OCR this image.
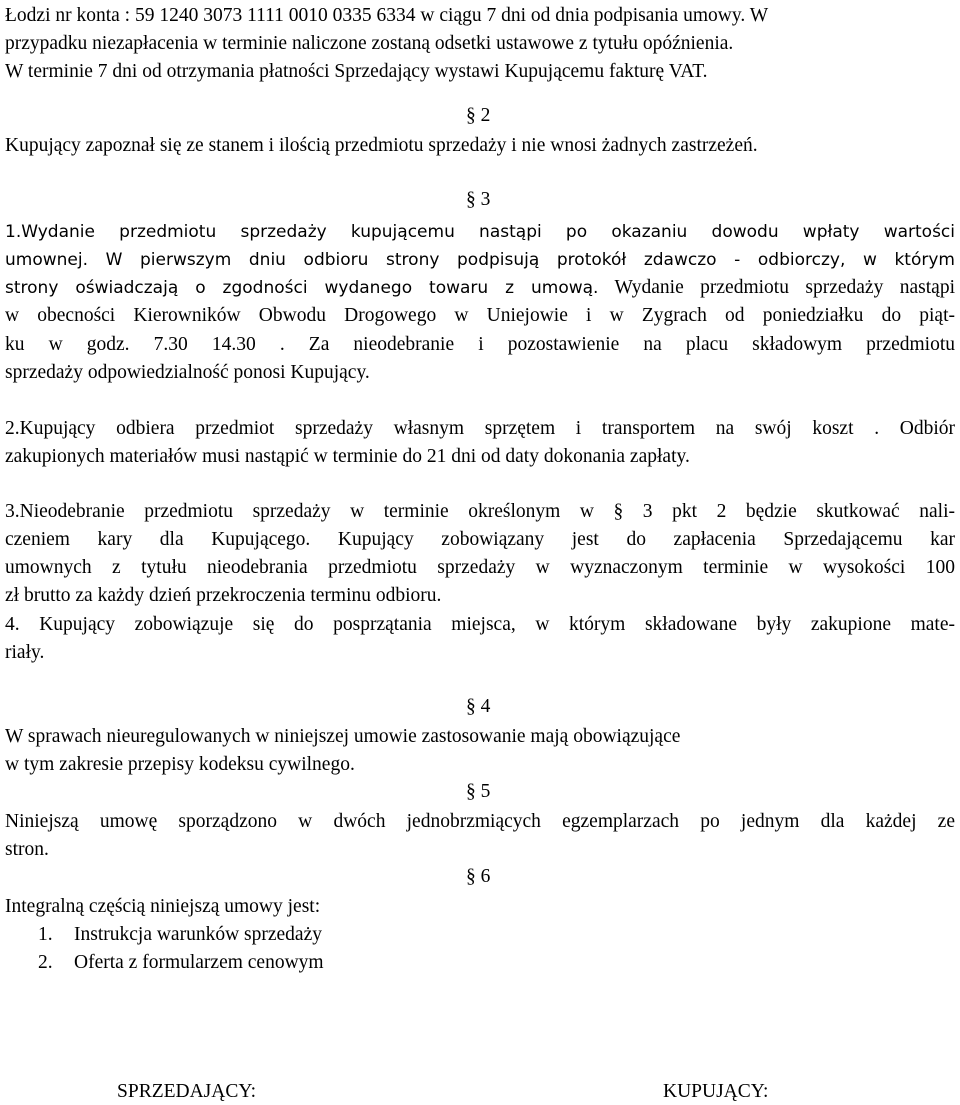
Łodzi nr konta : 59 1240 3073 1111 0010 0335 6334 w ciągu 7 dni od dnia podpisania umowy. W
przypadku niezapłacenia w terminie naliczone zostaną odsetki ustawowe z tytułu opóźnienia.
W terminie 7 dni od otrzymania płatności Sprzedający wystawi Kupującemu fakturę VAT.
§ 2
Kupujący zapoznał się ze stanem i ilością przedmiotu sprzedaży i nie wnosi żadnych zastrzeżeń.
§ 3
1.Wydanie przedmiotu sprzedaży kupującemu nastąpi po okazaniu dowodu wpłaty wartości
umownej. W pierwszym dniu odbioru strony podpisują protokół zdawczo - odbiorczy, w którym
strony oświadczają o zgodności wydanego towaru z umową. Wydanie przedmiotu sprzedaży nastąpi
w obecności Kierowników Obwodu Drogowego w Uniejowie i w Zygrach od poniedziałku do piąt-
ku w godz. 7.30 14.30 . Za nieodebranie i pozostawienie na placu składowym przedmiotu
sprzedaży odpowiedzialność ponosi Kupujący.
2.Kupujący odbiera przedmiot sprzedaży własnym sprzętem i transportem na swój koszt . Odbiór
zakupionych materiałów musi nastąpić w terminie do 21 dni od daty dokonania zapłaty.
3.Nieodebranie przedmiotu sprzedaży w terminie określonym w § 3 pkt 2 będzie skutkować nali-
czeniem kary dla Kupującego. Kupujący zobowiązany jest do zapłacenia Sprzedającemu kar
umownych z tytułu nieodebrania przedmiotu sprzedaży w wyznaczonym terminie w wysokości 100
zł brutto za każdy dzień przekroczenia terminu odbioru.
4. Kupujący zobowiązuje się do posprzątania miejsca, w którym składowane były zakupione mate-
riały.
§ 4
W sprawach nieuregulowanych w niniejszej umowie zastosowanie mają obowiązujące
w tym zakresie przepisy kodeksu cywilnego.
§ 5
Niniejszą umowę sporządzono w dwóch jednobrzmiących egzemplarzach po jednym dla każdej ze
stron.
§ 6
Integralną częścią niniejszą umowy jest:
1. Instrukcja warunków sprzedaży
2. Oferta z formularzem cenowym
SPRZEDAJĄCY:	KUPUJĄCY:
